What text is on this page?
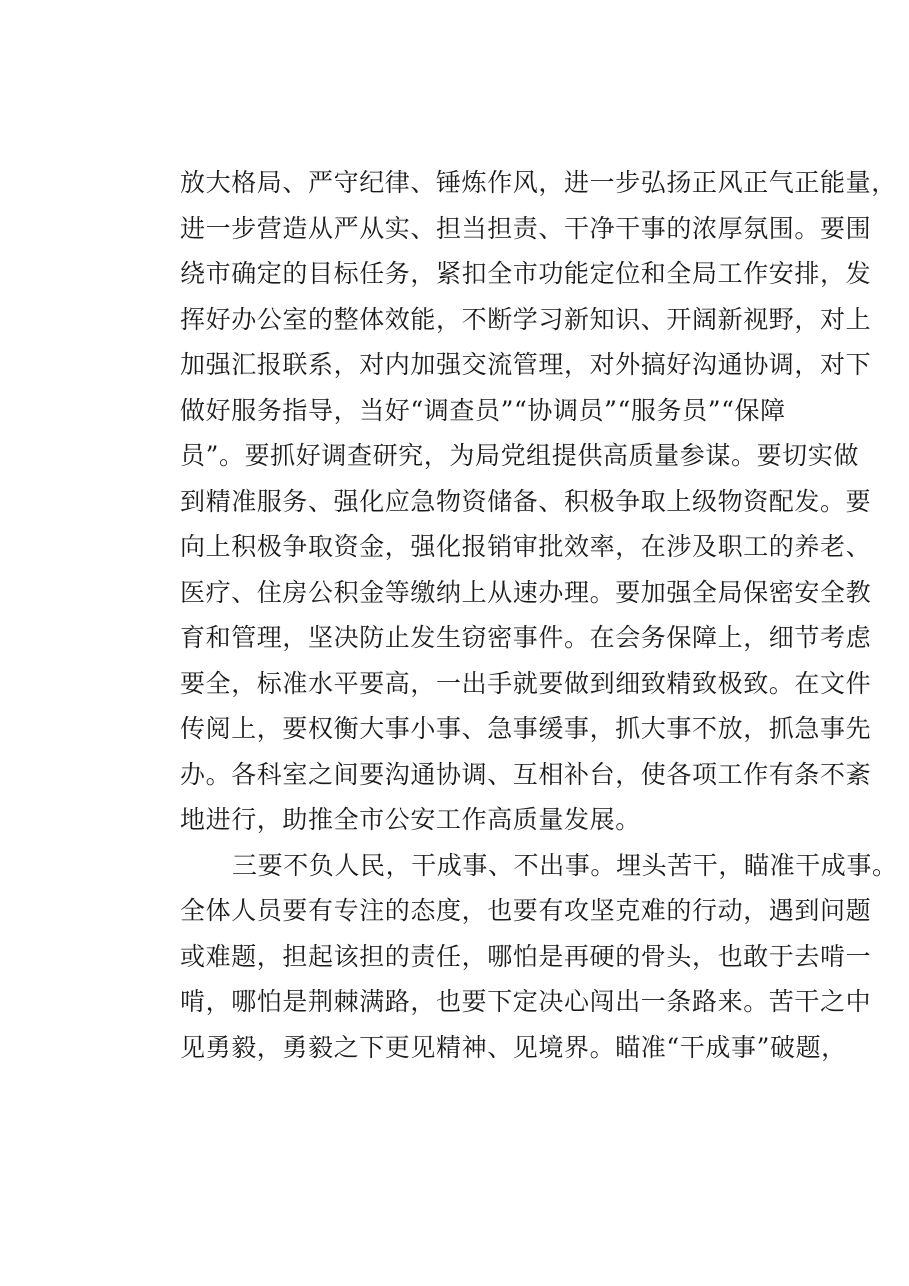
放大格局、严守纪律、锤炼作风，进一步弘扬正风正气正能量，
进一步营造从严从实、担当担责、干净干事的浓厚氛围。要围
绕市确定的目标任务，紧扣全市功能定位和全局工作安排，发
挥好办公室的整体效能，不断学习新知识、开阔新视野，对上
加强汇报联系，对内加强交流管理，对外搞好沟通协调，对下
做好服务指导，当好“调查员”“协调员”“服务员”“保障
员”。要抓好调查研究，为局党组提供高质量参谋。要切实做
到精准服务、强化应急物资储备、积极争取上级物资配发。要
向上积极争取资金，强化报销审批效率，在涉及职工的养老、
医疗、住房公积金等缴纳上从速办理。要加强全局保密安全教
育和管理，坚决防止发生窃密事件。在会务保障上，细节考虑
要全，标准水平要高，一出手就要做到细致精致极致。在文件
传阅上，要权衡大事小事、急事缓事，抓大事不放，抓急事先
办。各科室之间要沟通协调、互相补台，使各项工作有条不紊
地进行，助推全市公安工作高质量发展。
三要不负人民，干成事、不出事。埋头苦干，瞄准干成事。
全体人员要有专注的态度，也要有攻坚克难的行动，遇到问题
或难题，担起该担的责任，哪怕是再硬的骨头，也敢于去啃一
啃，哪怕是荆棘满路，也要下定决心闯出一条路来。苦干之中
见勇毅，勇毅之下更见精神、见境界。瞄准“干成事”破题，
